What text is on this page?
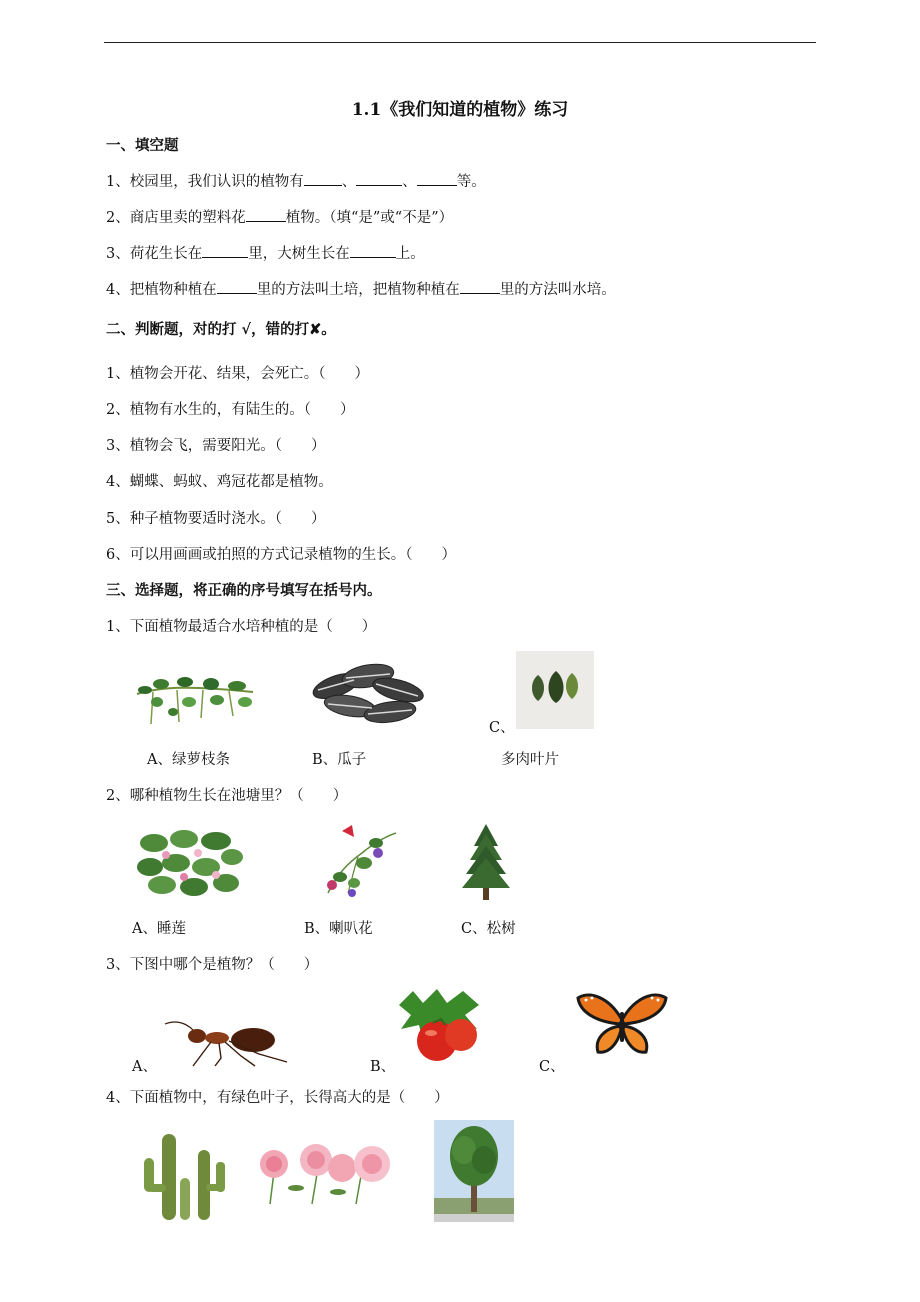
1.1《我们知道的植物》练习
一、填空题
1、校园里，我们认识的植物有	、	、	等。
2、商店里卖的塑料花	植物。（填“是”或“不是”）
3、荷花生长在	里，大树生长在	上。
4、把植物种植在	里的方法叫土培，把植物种植在	里的方法叫水培。
二、判断题，对的打 √，错的打✘。
1、植物会开花、结果，会死亡。（　　）
2、植物有水生的，有陆生的。（　　）
3、植物会飞，需要阳光。（　　）
4、蝴蝶、蚂蚁、鸡冠花都是植物。
5、种子植物要适时浇水。（　　）
6、可以用画画或拍照的方式记录植物的生长。（　　）
三、选择题，将正确的序号填写在括号内。
1、下面植物最适合水培种植的是（　　）
C、
A、绿萝枝条	B、瓜子	多肉叶片
2、哪种植物生长在池塘里？（　　）
A、睡莲	B、喇叭花	C、松树
3、下图中哪个是植物？（　　）
A、	B、	C、
4、下面植物中，有绿色叶子，长得高大的是（　　）
